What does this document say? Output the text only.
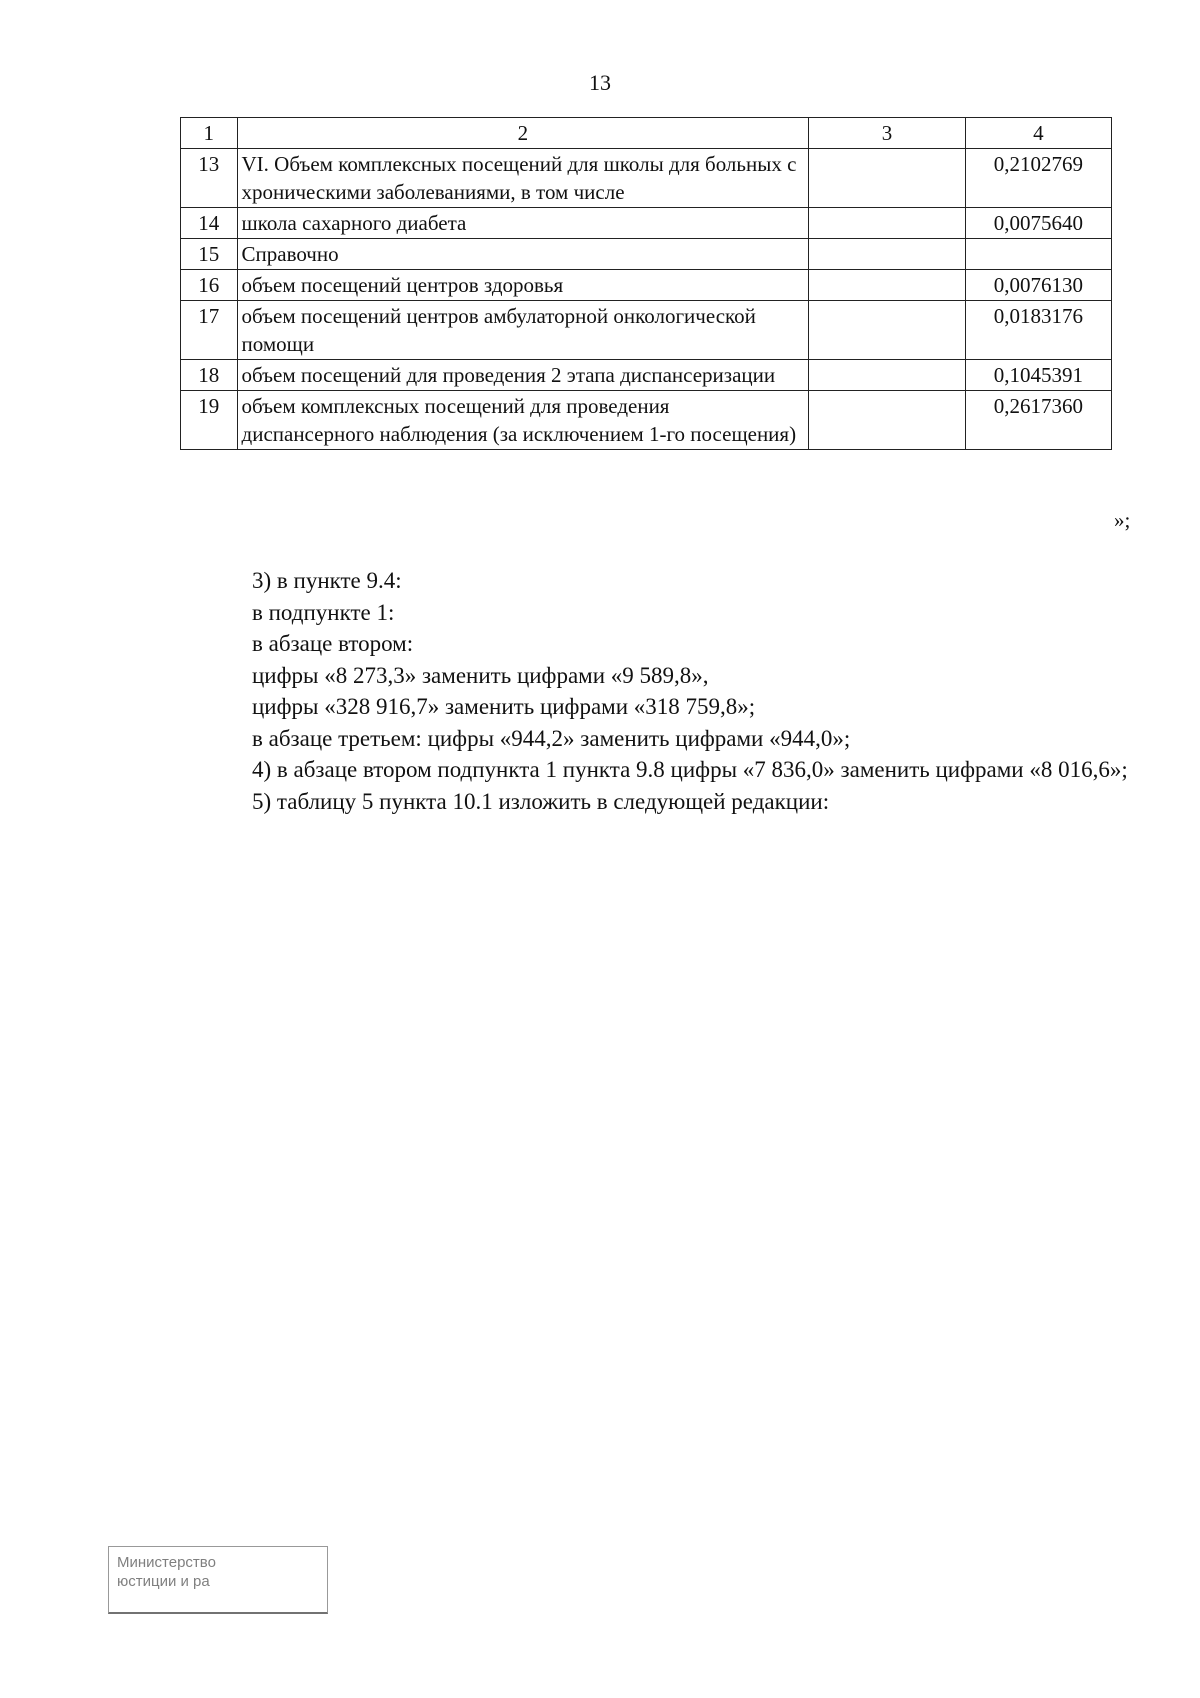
13
1	2	3	4
13	VI. Объем комплексных посещений для школы для больных с хроническими заболеваниями, в том числе		0,2102769
14	школа сахарного диабета		0,0075640
15	Справочно		
16	объем посещений центров здоровья		0,0076130
17	объем посещений центров амбулаторной онкологической помощи		0,0183176
18	объем посещений для проведения 2 этапа диспансеризации		0,1045391
19	объем комплексных посещений для проведения диспансерного наблюдения (за исключением 1-го посещения)		0,2617360
»;

3) в пункте 9.4:

в подпункте 1:

в абзаце втором:

цифры «8 273,3» заменить цифрами «9 589,8»,

цифры «328 916,7» заменить цифрами «318 759,8»;

в абзаце третьем: цифры «944,2» заменить цифрами «944,0»;

4) в абзаце втором подпункта 1 пункта 9.8 цифры «7 836,0» заменить цифрами «8 016,6»;

5) таблицу 5 пункта 10.1 изложить в следующей редакции:

Министерство
юстиции и ра
